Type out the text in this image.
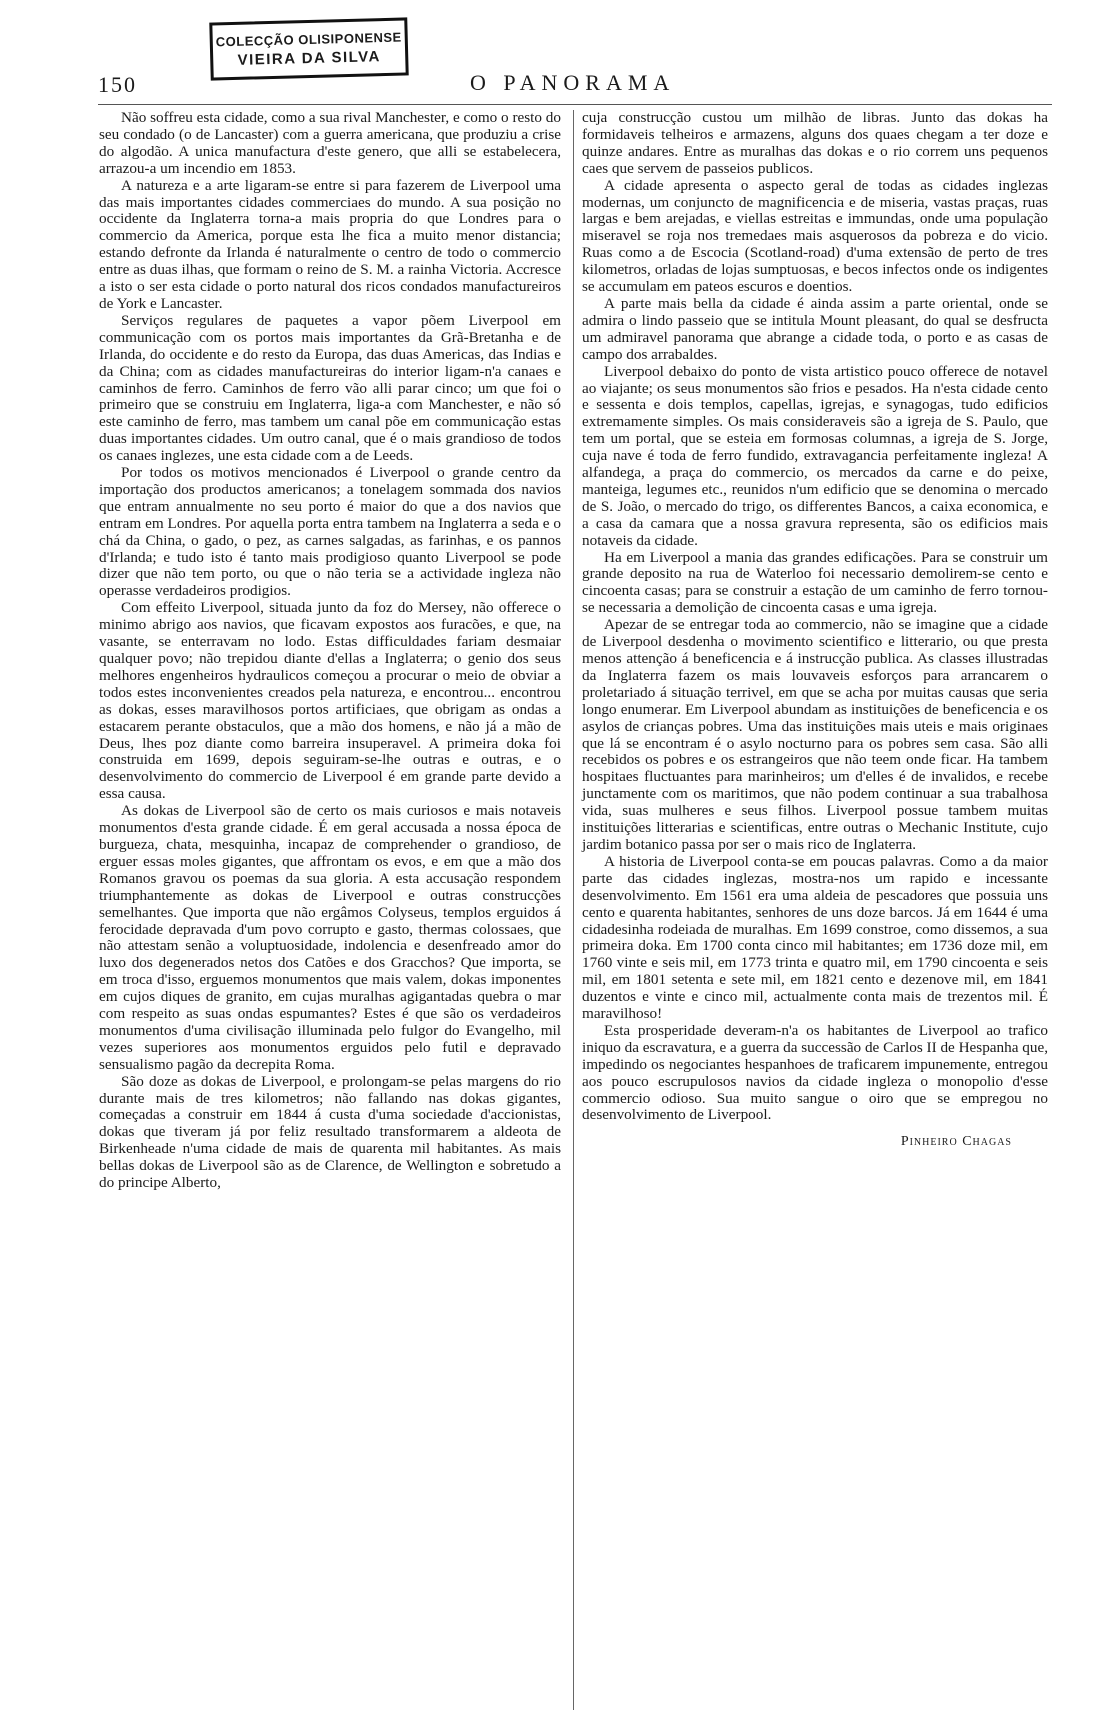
COLECÇÃO OLISIPONENSE
VIEIRA DA SILVA
150	O PANORAMA

Não soffreu esta cidade, como a sua rival Manchester, e como o resto do seu condado (o de Lancaster) com a guerra americana, que produziu a crise do algodão. A unica manufactura d'este genero, que alli se estabelecera, arrazou-a um incendio em 1853.

A natureza e a arte ligaram-se entre si para fazerem de Liverpool uma das mais importantes cidades commerciaes do mundo. A sua posição no occidente da Inglaterra torna-a mais propria do que Londres para o commercio da America, porque esta lhe fica a muito menor distancia; estando defronte da Irlanda é naturalmente o centro de todo o commercio entre as duas ilhas, que formam o reino de S. M. a rainha Victoria. Accresce a isto o ser esta cidade o porto natural dos ricos condados manufactureiros de York e Lancaster.

Serviços regulares de paquetes a vapor põem Liverpool em communicação com os portos mais importantes da Grã-Bretanha e de Irlanda, do occidente e do resto da Europa, das duas Americas, das Indias e da China; com as cidades manufactureiras do interior ligam-n'a canaes e caminhos de ferro. Caminhos de ferro vão alli parar cinco; um que foi o primeiro que se construiu em Inglaterra, liga-a com Manchester, e não só este caminho de ferro, mas tambem um canal põe em communicação estas duas importantes cidades. Um outro canal, que é o mais grandioso de todos os canaes inglezes, une esta cidade com a de Leeds.

Por todos os motivos mencionados é Liverpool o grande centro da importação dos productos americanos; a tonelagem sommada dos navios que entram annualmente no seu porto é maior do que a dos navios que entram em Londres. Por aquella porta entra tambem na Inglaterra a seda e o chá da China, o gado, o pez, as carnes salgadas, as farinhas, e os pannos d'Irlanda; e tudo isto é tanto mais prodigioso quanto Liverpool se pode dizer que não tem porto, ou que o não teria se a actividade ingleza não operasse verdadeiros prodigios.

Com effeito Liverpool, situada junto da foz do Mersey, não offerece o minimo abrigo aos navios, que ficavam expostos aos furacões, e que, na vasante, se enterravam no lodo. Estas difficuldades fariam desmaiar qualquer povo; não trepidou diante d'ellas a Inglaterra; o genio dos seus melhores engenheiros hydraulicos começou a procurar o meio de obviar a todos estes inconvenientes creados pela natureza, e encontrou... encontrou as dokas, esses maravilhosos portos artificiaes, que obrigam as ondas a estacarem perante obstaculos, que a mão dos homens, e não já a mão de Deus, lhes poz diante como barreira insuperavel. A primeira doka foi construida em 1699, depois seguiram-se-lhe outras e outras, e o desenvolvimento do commercio de Liverpool é em grande parte devido a essa causa.

As dokas de Liverpool são de certo os mais curiosos e mais notaveis monumentos d'esta grande cidade. É em geral accusada a nossa época de burgueza, chata, mesquinha, incapaz de comprehender o grandioso, de erguer essas moles gigantes, que affrontam os evos, e em que a mão dos Romanos gravou os poemas da sua gloria. A esta accusação respondem triumphantemente as dokas de Liverpool e outras construcções semelhantes. Que importa que não ergâmos Colyseus, templos erguidos á ferocidade depravada d'um povo corrupto e gasto, thermas colossaes, que não attestam senão a voluptuosidade, indolencia e desenfreado amor do luxo dos degenerados netos dos Catões e dos Gracchos? Que importa, se em troca d'isso, erguemos monumentos que mais valem, dokas imponentes em cujos diques de granito, em cujas muralhas agigantadas quebra o mar com respeito as suas ondas espumantes? Estes é que são os verdadeiros monumentos d'uma civilisação illuminada pelo fulgor do Evangelho, mil vezes superiores aos monumentos erguidos pelo futil e depravado sensualismo pagão da decrepita Roma.

São doze as dokas de Liverpool, e prolongam-se pelas margens do rio durante mais de tres kilometros; não fallando nas dokas gigantes, começadas a construir em 1844 á custa d'uma sociedade d'accionistas, dokas que tiveram já por feliz resultado transformarem a aldeota de Birkenheade n'uma cidade de mais de quarenta mil habitantes. As mais bellas dokas de Liverpool são as de Clarence, de Wellington e sobretudo a do principe Alberto,

cuja construcção custou um milhão de libras. Junto das dokas ha formidaveis telheiros e armazens, alguns dos quaes chegam a ter doze e quinze andares. Entre as muralhas das dokas e o rio correm uns pequenos caes que servem de passeios publicos.

A cidade apresenta o aspecto geral de todas as cidades inglezas modernas, um conjuncto de magnificencia e de miseria, vastas praças, ruas largas e bem arejadas, e viellas estreitas e immundas, onde uma população miseravel se roja nos tremedaes mais asquerosos da pobreza e do vicio. Ruas como a de Escocia (Scotland-road) d'uma extensão de perto de tres kilometros, orladas de lojas sumptuosas, e becos infectos onde os indigentes se accumulam em pateos escuros e doentios.

A parte mais bella da cidade é ainda assim a parte oriental, onde se admira o lindo passeio que se intitula Mount pleasant, do qual se desfructa um admiravel panorama que abrange a cidade toda, o porto e as casas de campo dos arrabaldes.

Liverpool debaixo do ponto de vista artistico pouco offerece de notavel ao viajante; os seus monumentos são frios e pesados. Ha n'esta cidade cento e sessenta e dois templos, capellas, igrejas, e synagogas, tudo edificios extremamente simples. Os mais consideraveis são a igreja de S. Paulo, que tem um portal, que se esteia em formosas columnas, a igreja de S. Jorge, cuja nave é toda de ferro fundido, extravagancia perfeitamente ingleza! A alfandega, a praça do commercio, os mercados da carne e do peixe, manteiga, legumes etc., reunidos n'um edificio que se denomina o mercado de S. João, o mercado do trigo, os differentes Bancos, a caixa economica, e a casa da camara que a nossa gravura representa, são os edificios mais notaveis da cidade.

Ha em Liverpool a mania das grandes edificações. Para se construir um grande deposito na rua de Waterloo foi necessario demolirem-se cento e cincoenta casas; para se construir a estação de um caminho de ferro tornou-se necessaria a demolição de cincoenta casas e uma igreja.

Apezar de se entregar toda ao commercio, não se imagine que a cidade de Liverpool desdenha o movimento scientifico e litterario, ou que presta menos attenção á beneficencia e á instrucção publica. As classes illustradas da Inglaterra fazem os mais louvaveis esforços para arrancarem o proletariado á situação terrivel, em que se acha por muitas causas que seria longo enumerar. Em Liverpool abundam as instituições de beneficencia e os asylos de crianças pobres. Uma das instituições mais uteis e mais originaes que lá se encontram é o asylo nocturno para os pobres sem casa. São alli recebidos os pobres e os estrangeiros que não teem onde ficar. Ha tambem hospitaes fluctuantes para marinheiros; um d'elles é de invalidos, e recebe junctamente com os maritimos, que não podem continuar a sua trabalhosa vida, suas mulheres e seus filhos. Liverpool possue tambem muitas instituições litterarias e scientificas, entre outras o Mechanic Institute, cujo jardim botanico passa por ser o mais rico de Inglaterra.

A historia de Liverpool conta-se em poucas palavras. Como a da maior parte das cidades inglezas, mostra-nos um rapido e incessante desenvolvimento. Em 1561 era uma aldeia de pescadores que possuia uns cento e quarenta habitantes, senhores de uns doze barcos. Já em 1644 é uma cidadesinha rodeiada de muralhas. Em 1699 constroe, como dissemos, a sua primeira doka. Em 1700 conta cinco mil habitantes; em 1736 doze mil, em 1760 vinte e seis mil, em 1773 trinta e quatro mil, em 1790 cincoenta e seis mil, em 1801 setenta e sete mil, em 1821 cento e dezenove mil, em 1841 duzentos e vinte e cinco mil, actualmente conta mais de trezentos mil. É maravilhoso!

Esta prosperidade deveram-n'a os habitantes de Liverpool ao trafico iniquo da escravatura, e a guerra da successão de Carlos II de Hespanha que, impedindo os negociantes hespanhoes de traficarem impunemente, entregou aos pouco escrupulosos navios da cidade ingleza o monopolio d'esse commercio odioso. Sua muito sangue o oiro que se empregou no desenvolvimento de Liverpool.

Pinheiro Chagas
